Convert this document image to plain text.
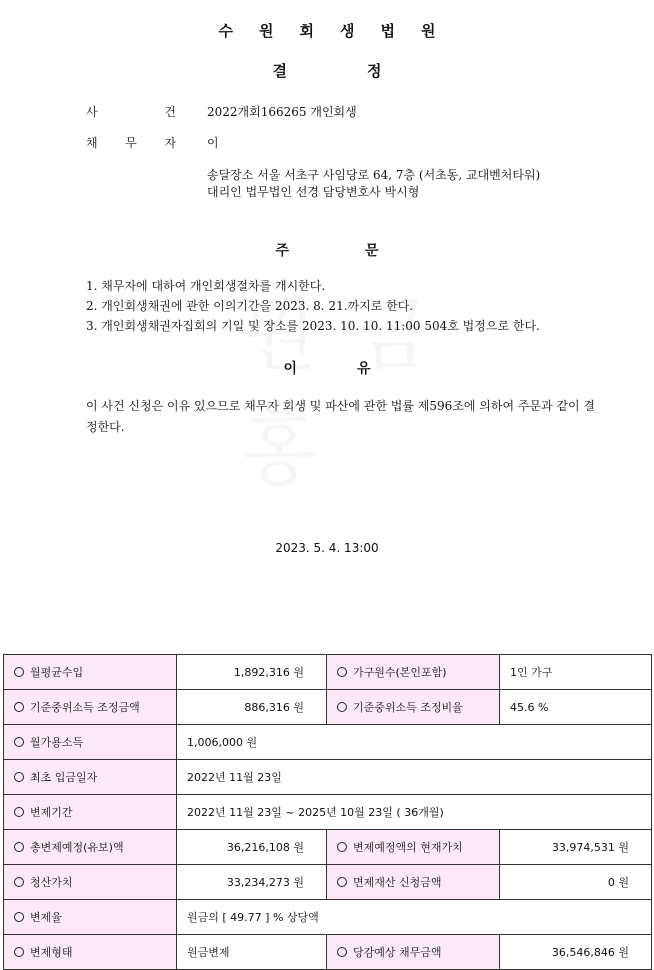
수 원 회 생 법 원
결	정
사	건	2022개회166265 개인회생
채 무 자	이
송달장소 서울 서초구 사임당로 64, 7층 (서초동, 교대벤처타워)
대리인 법무법인 선경 담당변호사 박시형
주	문
1. 채무자에 대하여 개인회생절차를 개시한다.
2. 개인회생채권에 관한 이의기간을 2023. 8. 21.까지로 한다.
3. 개인회생채권자집회의 기일 및 장소를 2023. 10. 10. 11:00 504호 법정으로 한다.
이	유
이 사건 신청은 이유 있으므로 채무자 회생 및 파산에 관한 법률 제596조에 의하여 주문과 같이 결정한다.
2023. 5. 4. 13:00
월평균수입	1,892,316 원	가구원수(본인포함)	1인 가구
기준중위소득 조정금액	886,316 원	기준중위소득 조정비율	45.6 %
월가용소득	1,006,000 원		
최초 입금일자	2022년 11월 23일		
변제기간	2022년 11월 23일 ~ 2025년 10월 23일 ( 36개월)		
총변제예정(유보)액	36,216,108 원	변제예정액의 현재가치	33,974,531 원
청산가치	33,234,273 원	면제재산 신청금액	0 원
변제율	원금의 [ 49.77 ] % 상당액		
변제형태	원금변제	당감예상 채무금액	36,546,846 원
